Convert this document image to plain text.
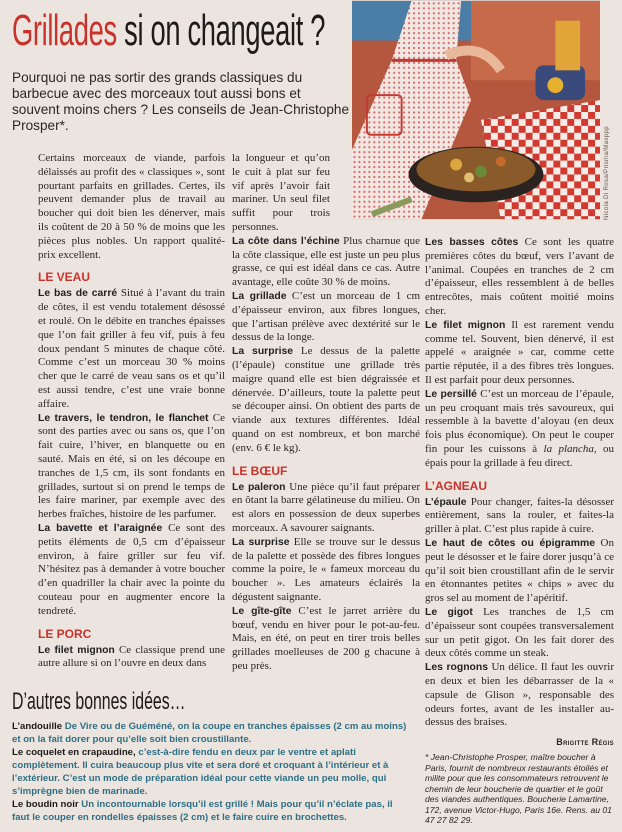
Grillades si on changeait ?
Pourquoi ne pas sortir des grands classiques du barbecue avec des morceaux tout aussi bons et souvent moins chers ? Les conseils de Jean-Christophe Prosper*.
Nicola Di Rosa/Prisma/Maxppp

Certains morceaux de viande, parfois délaissés au profit des « classiques », sont pourtant parfaits en grillades. Certes, ils peuvent demander plus de travail au boucher qui doit bien les dénerver, mais ils coûtent de 20 à 50 % de moins que les pièces plus nobles. Un rapport qualité-prix excellent.

LE VEAU

Le bas de carré Situé à l’avant du train de côtes, il est vendu totalement désossé et roulé. On le débite en tranches épaisses que l’on fait griller à feu vif, puis à feu doux pendant 5 minutes de chaque côté. Comme c’est un morceau 30 % moins cher que le carré de veau sans os et qu’il est aussi tendre, c’est une vraie bonne affaire.

Le travers, le tendron, le flanchet Ce sont des parties avec ou sans os, que l’on fait cuire, l’hiver, en blanquette ou en sauté. Mais en été, si on les découpe en tranches de 1,5 cm, ils sont fondants en grillades, surtout si on prend le temps de les faire mariner, par exemple avec des herbes fraîches, histoire de les parfumer.

La bavette et l’araignée Ce sont des petits éléments de 0,5 cm d’épaisseur environ, à faire griller sur feu vif. N’hésitez pas à demander à votre boucher d’en quadriller la chair avec la pointe du couteau pour en augmenter encore la tendreté.

LE PORC

Le filet mignon Ce classique prend une autre allure si on l’ouvre en deux dans

la longueur et qu’on le cuit à plat sur feu vif après l’avoir fait mariner. Un seul filet suffit pour trois personnes.

La côte dans l’échine Plus charnue que la côte classique, elle est juste un peu plus grasse, ce qui est idéal dans ce cas. Autre avantage, elle coûte 30 % de moins.

La grillade C’est un morceau de 1 cm d’épaisseur environ, aux fibres longues, que l’artisan prélève avec dextérité sur le dessus de la longe.

La surprise Le dessus de la palette (l’épaule) constitue une grillade très maigre quand elle est bien dégraissée et dénervée. D’ailleurs, toute la palette peut se découper ainsi. On obtient des parts de viande aux textures différentes. Idéal quand on est nombreux, et bon marché (env. 6 € le kg).

LE BŒUF

Le paleron Une pièce qu’il faut préparer en ôtant la barre gélatineuse du milieu. On est alors en possession de deux superbes morceaux. A savourer saignants.

La surprise Elle se trouve sur le dessus de la palette et possède des fibres longues comme la poire, le « fameux morceau du boucher ». Les amateurs éclairés la dégustent saignante.

Le gîte-gîte C’est le jarret arrière du bœuf, vendu en hiver pour le pot-au-feu. Mais, en été, on peut en tirer trois belles grillades moelleuses de 200 g chacune à peu près.

D’autres bonnes idées…
L’andouille De Vire ou de Guéméné, on la coupe en tranches épaisses (2 cm au moins) et on la fait dorer pour qu’elle soit bien croustillante.
Le coquelet en crapaudine, c’est-à-dire fendu en deux par le ventre et aplati complètement. Il cuira beaucoup plus vite et sera doré et croquant à l’intérieur et à l’extérieur. C’est un mode de préparation idéal pour cette viande un peu molle, qui s’imprègne bien de marinade.
Le boudin noir Un incontournable lorsqu’il est grillé ! Mais pour qu’il n’éclate pas, il faut le couper en rondelles épaisses (2 cm) et le faire cuire en brochettes.

Les basses côtes Ce sont les quatre premières côtes du bœuf, vers l’avant de l’animal. Coupées en tranches de 2 cm d’épaisseur, elles ressemblent à de belles entrecôtes, mais coûtent moitié moins cher.

Le filet mignon Il est rarement vendu comme tel. Souvent, bien dénervé, il est appelé « araignée » car, comme cette partie réputée, il a des fibres très longues. Il est parfait pour deux personnes.

Le persillé C’est un morceau de l’épaule, un peu croquant mais très savoureux, qui ressemble à la bavette d’aloyau (en deux fois plus économique). On peut le couper fin pour les cuissons à la plancha, ou épais pour la grillade à feu direct.

L’AGNEAU

L’épaule Pour changer, faites-la désosser entièrement, sans la rouler, et faites-la griller à plat. C’est plus rapide à cuire.

Le haut de côtes ou épigramme On peut le désosser et le faire dorer jusqu’à ce qu’il soit bien croustillant afin de le servir en étonnantes petites « chips » avec du gros sel au moment de l’apéritif.

Le gigot Les tranches de 1,5 cm d’épaisseur sont coupées transversalement sur un petit gigot. On les fait dorer des deux côtés comme un steak.

Les rognons Un délice. Il faut les ouvrir en deux et bien les débarrasser de la « capsule de Glison », responsable des odeurs fortes, avant de les installer au-dessus des braises.

Brigitte Régis
* Jean-Christophe Prosper, maître boucher à Paris, fournit de nombreux restaurants étoilés et milite pour que les consommateurs retrouvent le chemin de leur boucherie de quartier et le goût des viandes authentiques. Boucherie Lamartine, 172, avenue Victor-Hugo, Paris 16e. Rens. au 01 47 27 82 29.
